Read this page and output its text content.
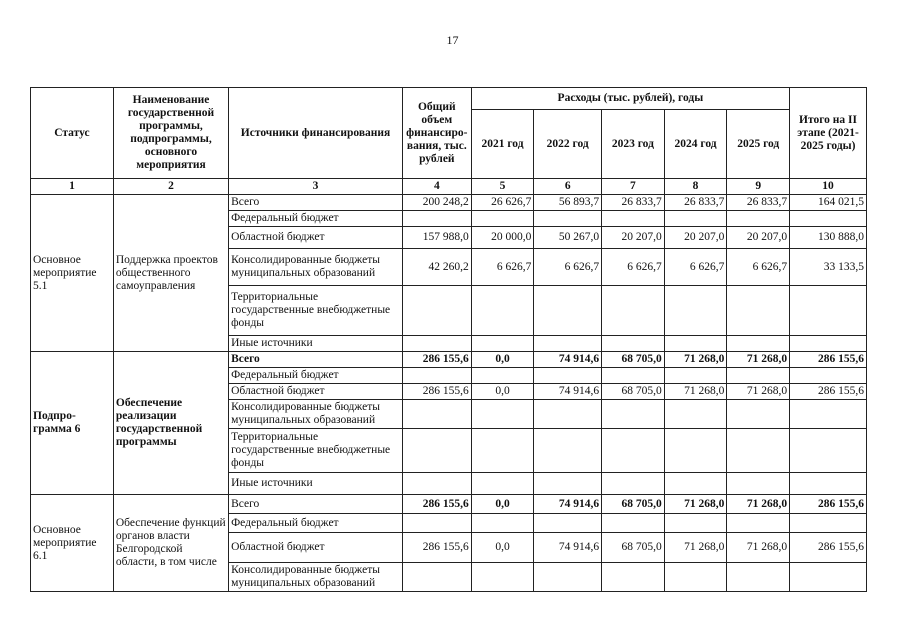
17
Статус	Наименование государственной программы, подпрограммы, основного мероприятия	Источники финансирования	Общий объем финансиро-вания, тыс. рублей	Расходы (тыс. рублей), годы					Итого на II этапе (2021-2025 годы)
				2021 год	2022 год	2023 год	2024 год	2025 год	
1	2	3	4	5	6	7	8	9	10
Основное мероприятие 5.1	Поддержка проектов общественного самоуправления	Всего	200 248,2	26 626,7	56 893,7	26 833,7	26 833,7	26 833,7	164 021,5
		Федеральный бюджет							
		Областной бюджет	157 988,0	20 000,0	50 267,0	20 207,0	20 207,0	20 207,0	130 888,0
		Консолидированные бюджеты муниципальных образований	42 260,2	6 626,7	6 626,7	6 626,7	6 626,7	6 626,7	33 133,5
		Территориальные государственные внебюджетные фонды							
		Иные источники							
Подпро-грамма 6	Обеспечение реализации государственной программы	Всего	286 155,6	0,0	74 914,6	68 705,0	71 268,0	71 268,0	286 155,6
		Федеральный бюджет							
		Областной бюджет	286 155,6	0,0	74 914,6	68 705,0	71 268,0	71 268,0	286 155,6
		Консолидированные бюджеты муниципальных образований							
		Территориальные государственные внебюджетные фонды							
		Иные источники							
Основное мероприятие 6.1	Обеспечение функций органов власти Белгородской области, в том числе	Всего	286 155,6	0,0	74 914,6	68 705,0	71 268,0	71 268,0	286 155,6
		Федеральный бюджет							
		Областной бюджет	286 155,6	0,0	74 914,6	68 705,0	71 268,0	71 268,0	286 155,6
		Консолидированные бюджеты муниципальных образований							
